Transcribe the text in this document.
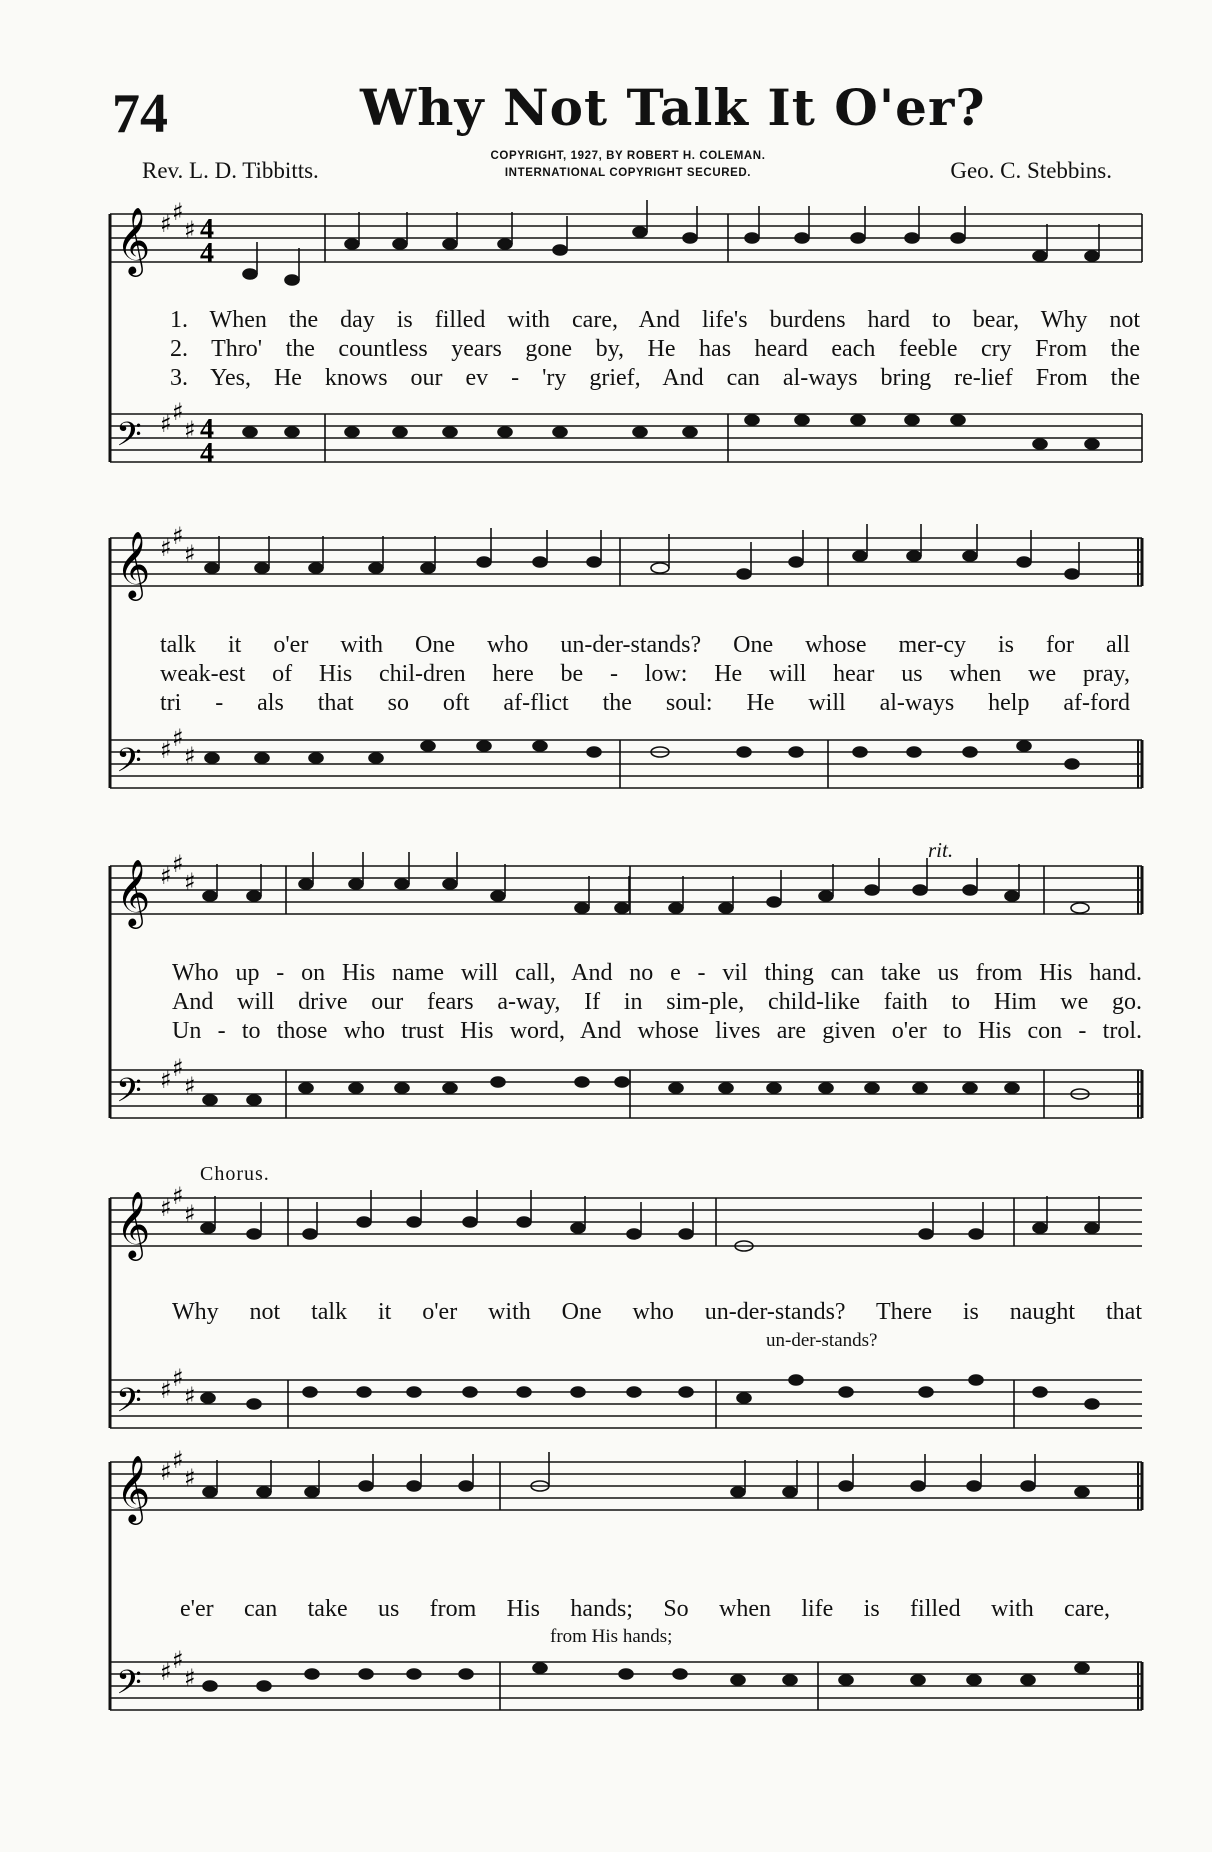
74	Why Not Talk It O'er?
Rev. L. D. Tibbitts.
COPYRIGHT, 1927, BY ROBERT H. COLEMAN.
INTERNATIONAL COPYRIGHT SECURED.	Geo. C. Stebbins.
𝄞
𝄢
♯ ♯
♯
♯ ♯
♯
4
4
4
4
1. When the day is filled with care, And life's burdens hard to bear, Why not
2. Thro' the countless years gone by, He has heard each feeble cry From the
3. Yes, He knows our ev - 'ry grief, And can al-ways bring re-lief From the
𝄞
𝄢
♯ ♯
♯
♯ ♯
♯
talk it o'er with One who un-der-stands? One whose mer-cy is for all
weak-est of His chil-dren here be - low: He will hear us when we pray,
tri - als that so oft af-flict the soul: He will al-ways help af-ford
rit.
𝄞
𝄢
♯ ♯
♯
♯ ♯
♯
Who up - on His name will call, And no e - vil thing can take us from His hand.
And will drive our fears a-way, If in sim-ple, child-like faith to Him we go.
Un - to those who trust His word, And whose lives are given o'er to His con - trol.
Chorus.
𝄞
𝄢
♯ ♯
♯
♯ ♯
♯
Why not talk it o'er with One who un-der-stands? There is naught that
un-der-stands?
𝄞
𝄢
♯ ♯
♯
♯ ♯
♯
e'er can take us from His hands; So when life is filled with care,
from His hands;
